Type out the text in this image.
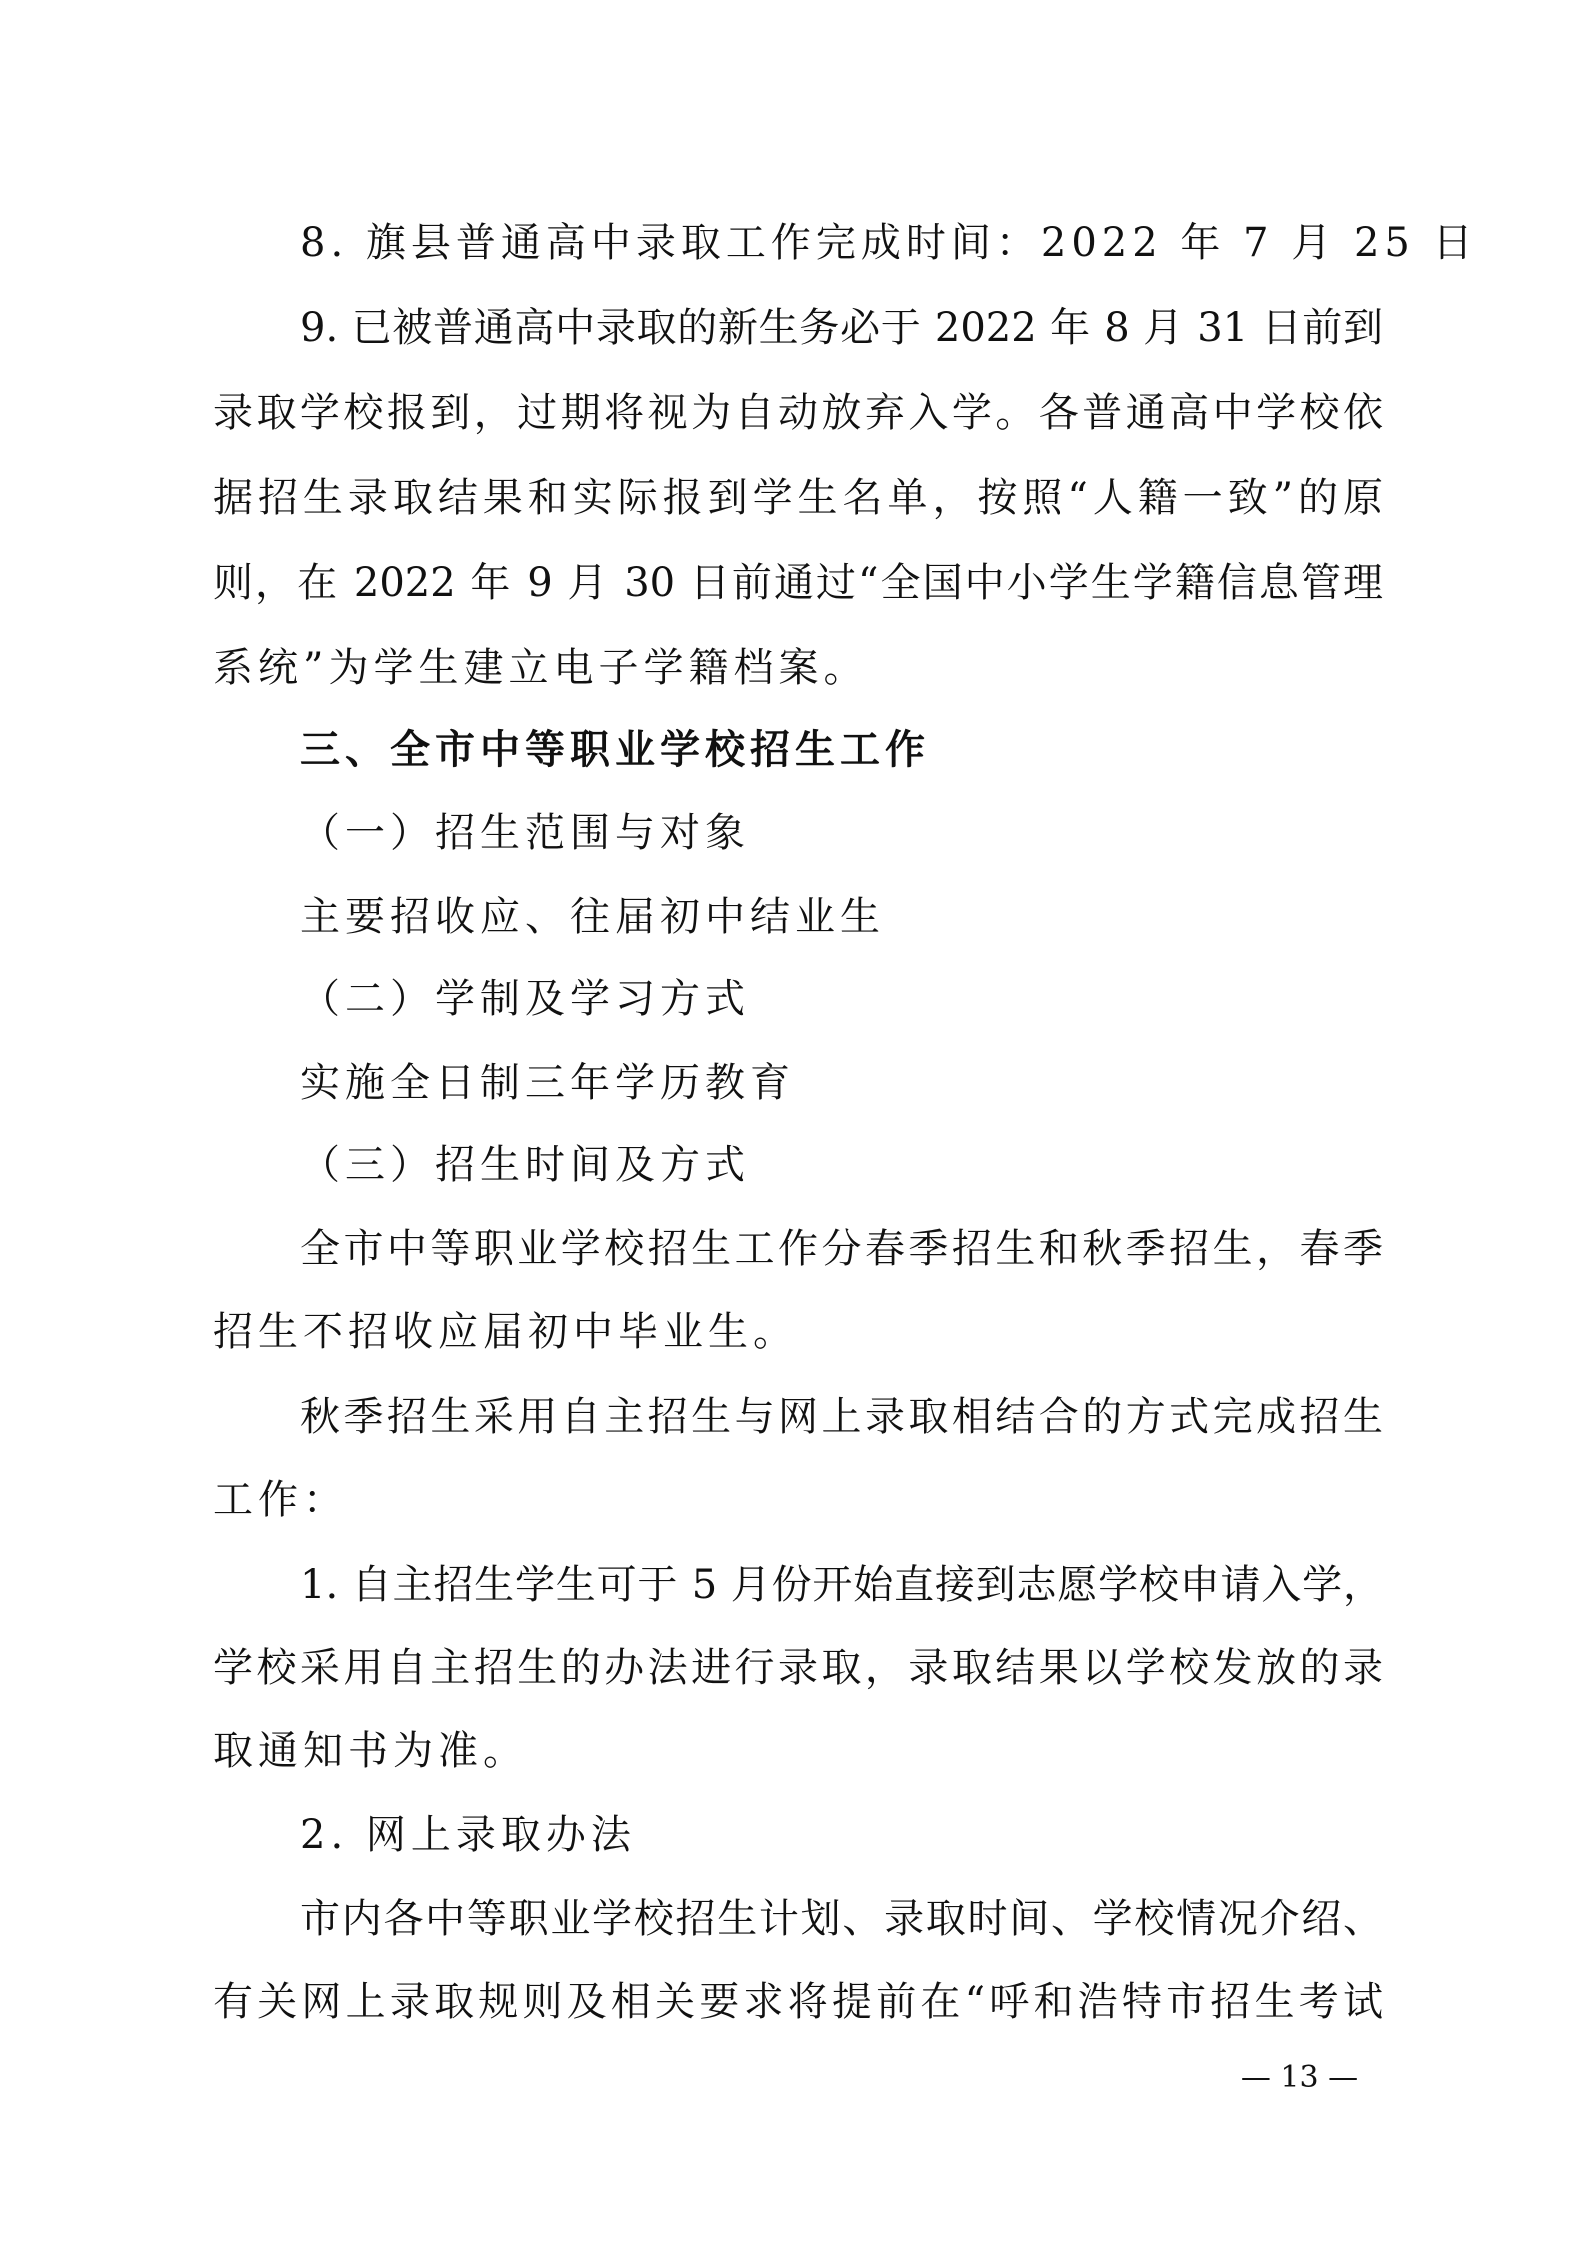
8. 旗县普通高中录取工作完成时间：2022 年 7 月 25 日
9. 已被普通高中录取的新生务必于 2022 年 8 月 31 日前到
录取学校报到，过期将视为自动放弃入学。各普通高中学校依
据招生录取结果和实际报到学生名单，按照“人籍一致”的原
则，在 2022 年 9 月 30 日前通过“全国中小学生学籍信息管理
系统”为学生建立电子学籍档案。
三、全市中等职业学校招生工作
（一）招生范围与对象
主要招收应、往届初中结业生
（二）学制及学习方式
实施全日制三年学历教育
（三）招生时间及方式
全市中等职业学校招生工作分春季招生和秋季招生，春季
招生不招收应届初中毕业生。
秋季招生采用自主招生与网上录取相结合的方式完成招生
工作：
1. 自主招生学生可于 5 月份开始直接到志愿学校申请入学，
学校采用自主招生的办法进行录取，录取结果以学校发放的录
取通知书为准。
2. 网上录取办法
市内各中等职业学校招生计划、录取时间、学校情况介绍、
有关网上录取规则及相关要求将提前在“呼和浩特市招生考试
— 13 —
